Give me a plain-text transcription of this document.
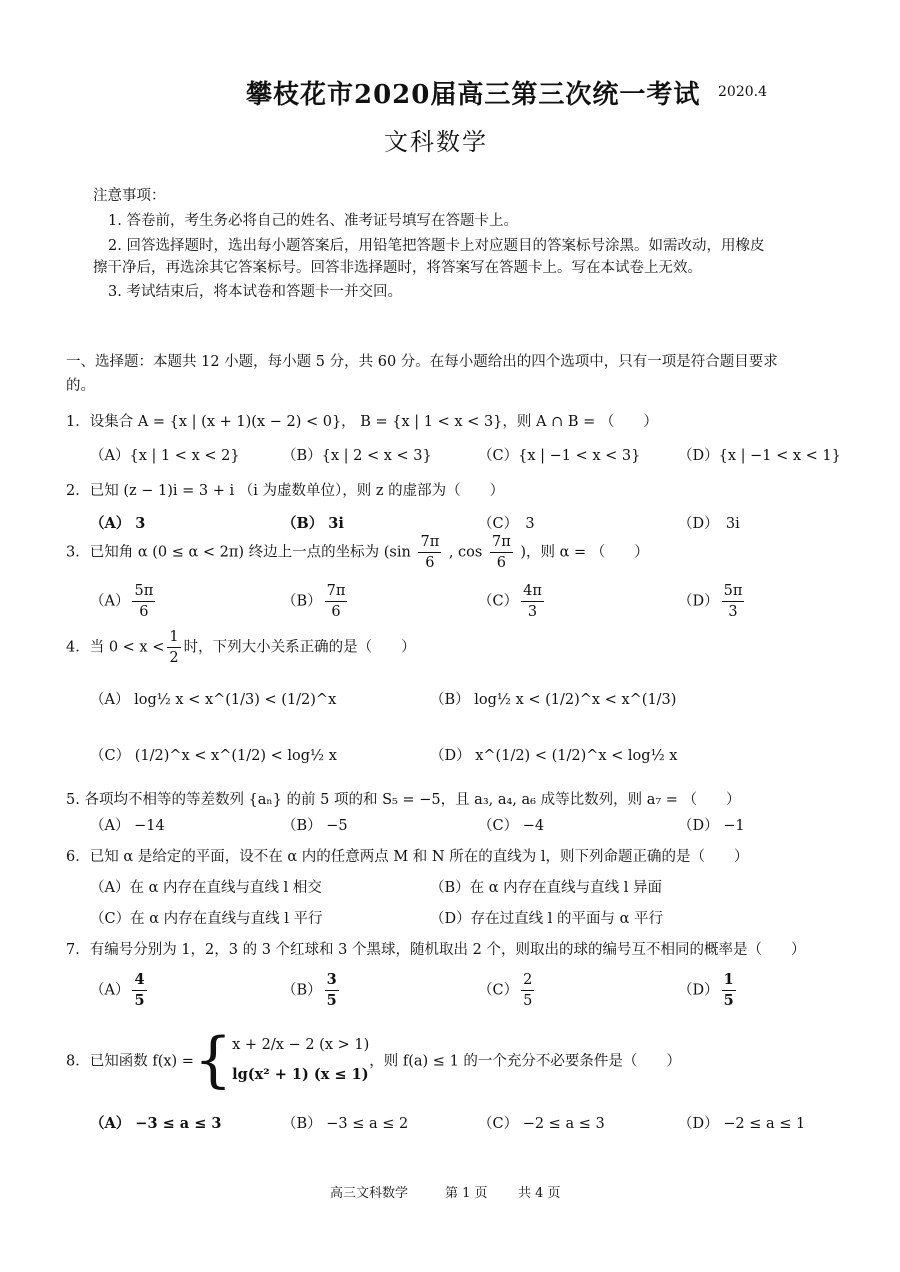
攀枝花市2020届高三第三次统一考试 2020.4
文科数学
注意事项：
1. 答卷前，考生务必将自己的姓名、准考证号填写在答题卡上。
2. 回答选择题时，选出每小题答案后，用铅笔把答题卡上对应题目的答案标号涂黑。如需改动，用橡皮
擦干净后，再选涂其它答案标号。回答非选择题时，将答案写在答题卡上。写在本试卷上无效。
3. 考试结束后，将本试卷和答题卡一并交回。
一、选择题：本题共 12 小题，每小题 5 分，共 60 分。在每小题给出的四个选项中，只有一项是符合题目要求
的。
1．设集合 A = {x | (x + 1)(x − 2) < 0}， B = {x | 1 < x < 3}，则 A ∩ B = （　　）
（A）{x | 1 < x < 2}	（B）{x | 2 < x < 3}	（C）{x | −1 < x < 3}	（D）{x | −1 < x < 1}
2．已知 (z − 1)i = 3 + i （i 为虚数单位），则 z 的虚部为（　　）
（A） 3	（B） 3i	（C）　3	（D）　3i
3．已知角 α (0 ≤ α < 2π) 终边上一点的坐标为 ($\sin \frac{7\pi}{6}$ , $\cos \frac{7\pi}{6}$ )，则 α = （　　）
$(A) \frac{5\pi}{6}$	$(B) \frac{7\pi}{6}$	$(C) \frac{4\pi}{3}$	$(D) \frac{5\pi}{3}$
4．当 $0 < x < \frac{1}{2}$ 时，下列大小关系正确的是（　　）
（A） log½ x < x^(1/3) < (1/2)^x	（B） log½ x < (1/2)^x < x^(1/3)
（C） (1/2)^x < x^(1/2) < log½ x	（D） x^(1/2) < (1/2)^x < log½ x
5. 各项均不相等的等差数列 {aₙ} 的前 5 项的和 S₅ = −5，且 a₃, a₄, a₆ 成等比数列，则 a₇ = （　　）
（A） −14	（B） −5	（C） −4	（D） −1
6．已知 α 是给定的平面，设不在 α 内的任意两点 M 和 N 所在的直线为 l，则下列命题正确的是（　　）
（A）在 α 内存在直线与直线 l 相交	（B）在 α 内存在直线与直线 l 异面
（C）在 α 内存在直线与直线 l 平行	（D）存在过直线 l 的平面与 α 平行
7．有编号分别为 1，2，3 的 3 个红球和 3 个黑球，随机取出 2 个，则取出的球的编号互不相同的概率是（　　）
$(A) \frac{4}{5}$	$(B) \frac{3}{5}$	$(C) \frac{2}{5}$	$(D) \frac{1}{5}$
8．已知函数 f(x) ={ x + 2/x − 2 (x > 1)
lg(x² + 1) (x ≤ 1)
，则 f(a) ≤ 1 的一个充分不必要条件是（　　）
（A） −3 ≤ a ≤ 3	（B） −3 ≤ a ≤ 2	（C） −2 ≤ a ≤ 3	（D） −2 ≤ a ≤ 1
高三文科数学	第 1 页 共 4 页
